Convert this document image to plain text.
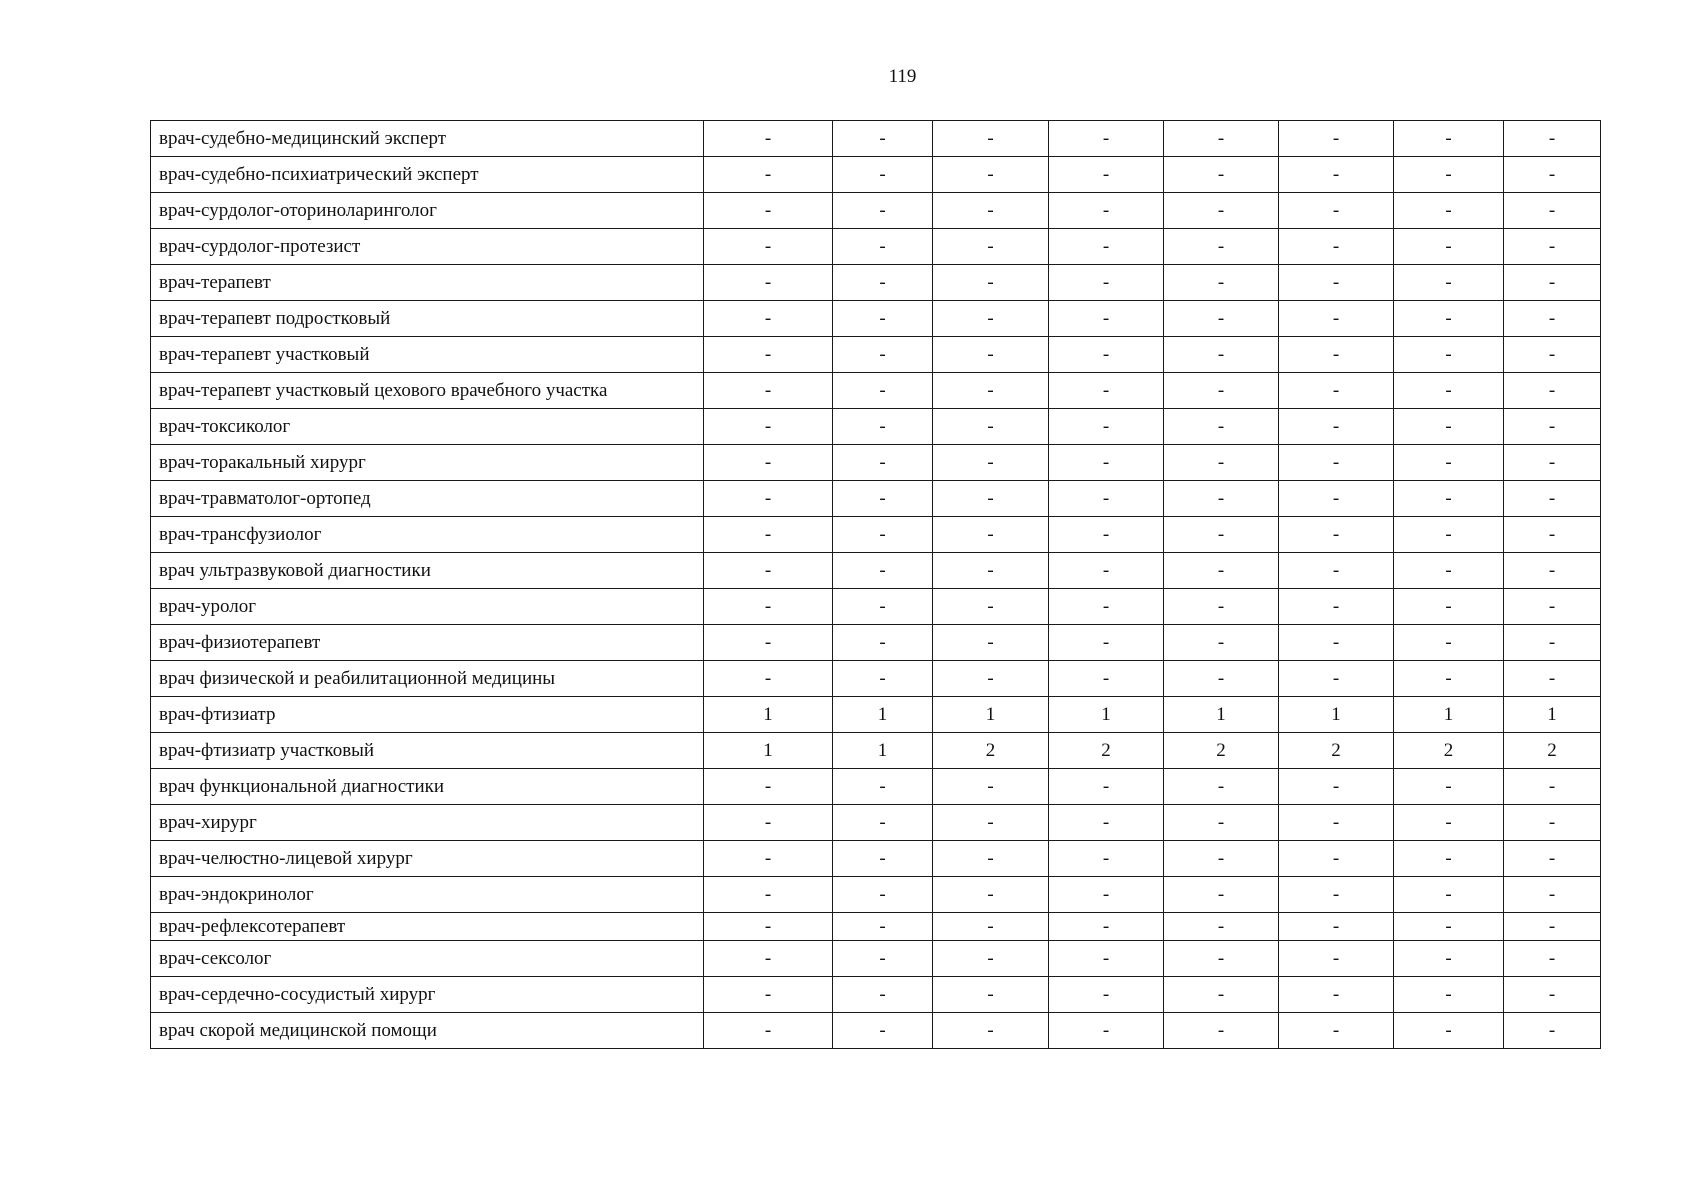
119
врач-судебно-медицинский эксперт	-	-	-	-	-	-	-	-
врач-судебно-психиатрический эксперт	-	-	-	-	-	-	-	-
врач-сурдолог-оториноларинголог	-	-	-	-	-	-	-	-
врач-сурдолог-протезист	-	-	-	-	-	-	-	-
врач-терапевт	-	-	-	-	-	-	-	-
врач-терапевт подростковый	-	-	-	-	-	-	-	-
врач-терапевт участковый	-	-	-	-	-	-	-	-
врач-терапевт участковый цехового врачебного участка	-	-	-	-	-	-	-	-
врач-токсиколог	-	-	-	-	-	-	-	-
врач-торакальный хирург	-	-	-	-	-	-	-	-
врач-травматолог-ортопед	-	-	-	-	-	-	-	-
врач-трансфузиолог	-	-	-	-	-	-	-	-
врач ультразвуковой диагностики	-	-	-	-	-	-	-	-
врач-уролог	-	-	-	-	-	-	-	-
врач-физиотерапевт	-	-	-	-	-	-	-	-
врач физической и реабилитационной медицины	-	-	-	-	-	-	-	-
врач-фтизиатр	1	1	1	1	1	1	1	1
врач-фтизиатр участковый	1	1	2	2	2	2	2	2
врач функциональной диагностики	-	-	-	-	-	-	-	-
врач-хирург	-	-	-	-	-	-	-	-
врач-челюстно-лицевой хирург	-	-	-	-	-	-	-	-
врач-эндокринолог	-	-	-	-	-	-	-	-
врач-рефлексотерапевт	-	-	-	-	-	-	-	-
врач-сексолог	-	-	-	-	-	-	-	-
врач-сердечно-сосудистый хирург	-	-	-	-	-	-	-	-
врач скорой медицинской помощи	-	-	-	-	-	-	-	-
